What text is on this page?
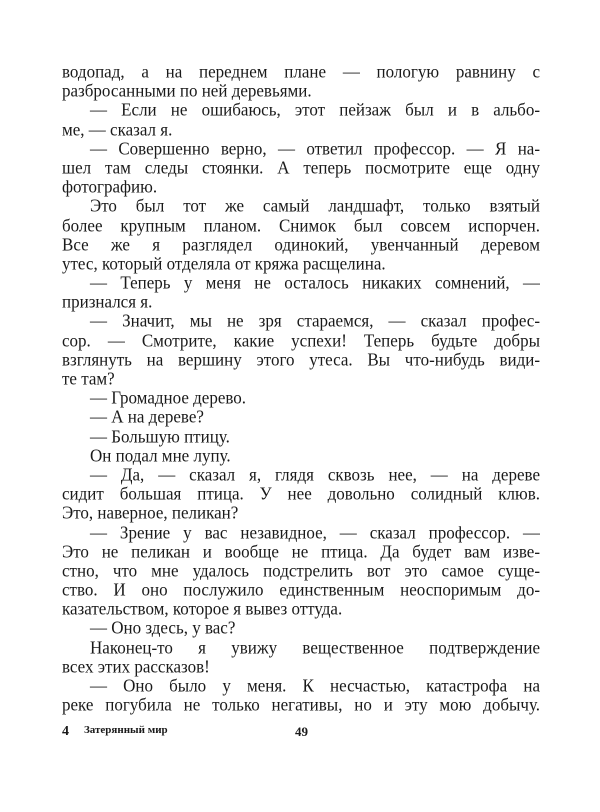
водопад, а на переднем плане — пологую равнину с
разбросанными по ней деревьями.
— Если не ошибаюсь, этот пейзаж был и в альбо-
ме, — сказал я.
— Совершенно верно, — ответил профессор. — Я на-
шел там следы стоянки. А теперь посмотрите еще одну
фотографию.
Это был тот же самый ландшафт, только взятый
более крупным планом. Снимок был совсем испорчен.
Все же я разглядел одинокий, увенчанный деревом
утес, который отделяла от кряжа расщелина.
— Теперь у меня не осталось никаких сомнений, —
признался я.
— Значит, мы не зря стараемся, — сказал профес-
сор. — Смотрите, какие успехи! Теперь будьте добры
взглянуть на вершину этого утеса. Вы что-нибудь види-
те там?
— Громадное дерево.
— А на дереве?
— Большую птицу.
Он подал мне лупу.
— Да, — сказал я, глядя сквозь нее, — на дереве
сидит большая птица. У нее довольно солидный клюв.
Это, наверное, пеликан?
— Зрение у вас незавидное, — сказал профессор. —
Это не пеликан и вообще не птица. Да будет вам изве-
стно, что мне удалось подстрелить вот это самое суще-
ство. И оно послужило единственным неоспоримым до-
казательством, которое я вывез оттуда.
— Оно здесь, у вас?
Наконец-то я увижу вещественное подтверждение
всех этих рассказов!
— Оно было у меня. К несчастью, катастрофа на
реке погубила не только негативы, но и эту мою добычу.
4 Затерянный мир	49
